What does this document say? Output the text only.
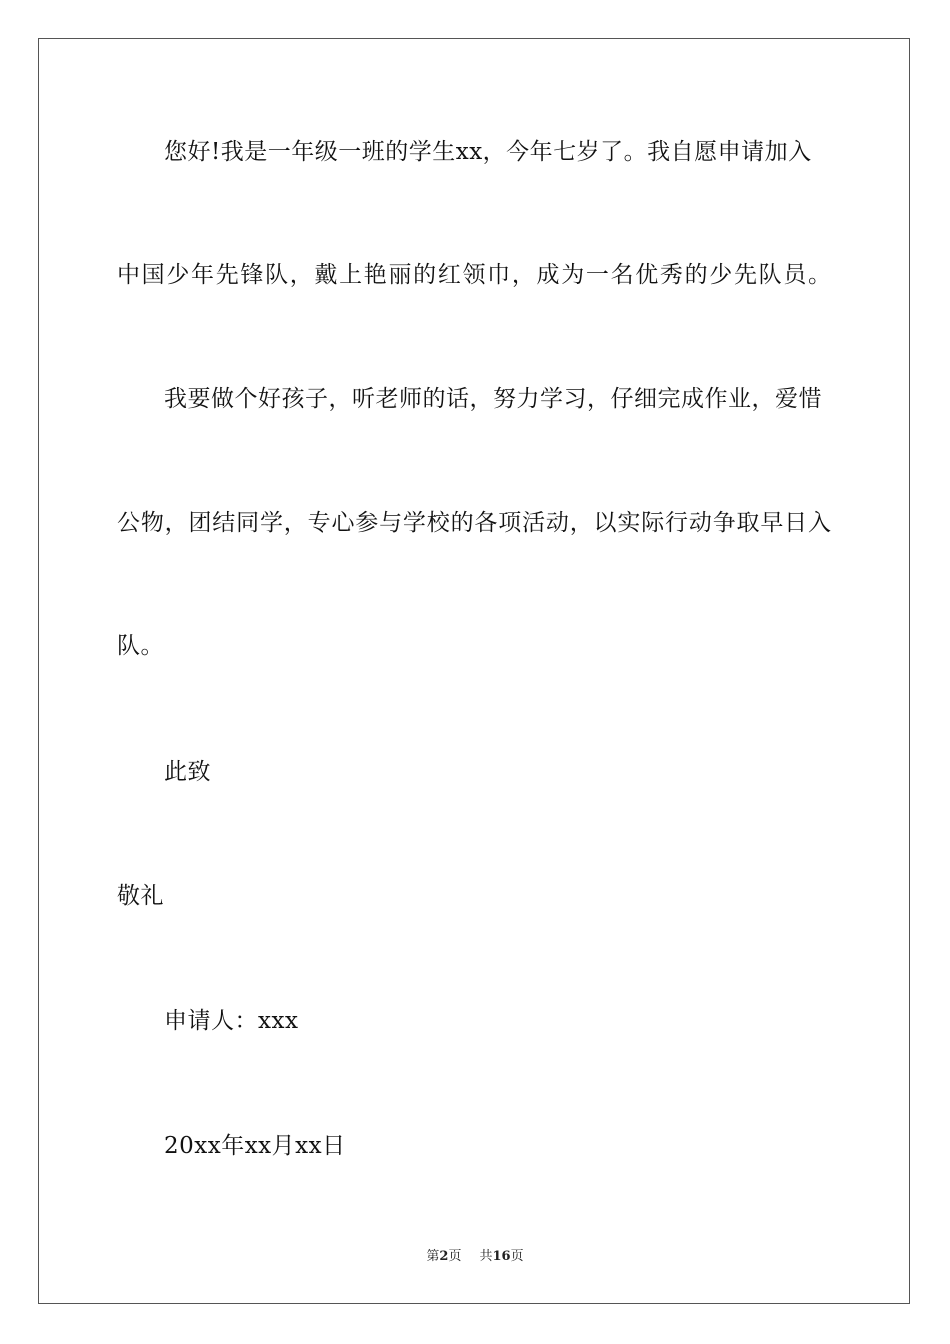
您好!我是一年级一班的学生xx，今年七岁了。我自愿申请加入
中国少年先锋队，戴上艳丽的红领巾，成为一名优秀的少先队员。
我要做个好孩子，听老师的话，努力学习，仔细完成作业，爱惜
公物，团结同学，专心参与学校的各项活动，以实际行动争取早日入
队。
此致
敬礼
申请人：xxx
20xx年xx月xx日
第2页 共16页
